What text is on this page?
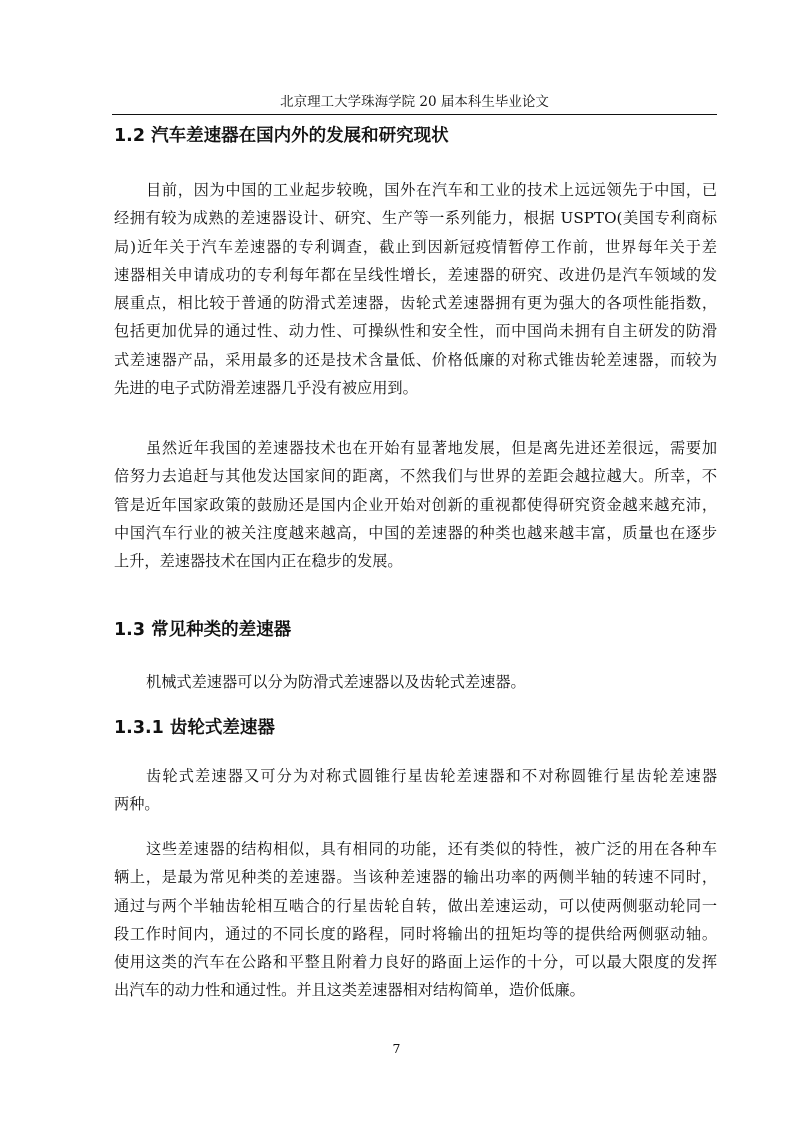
北京理工大学珠海学院 20 届本科生毕业论文
1.2 汽车差速器在国内外的发展和研究现状
目前，因为中国的工业起步较晚，国外在汽车和工业的技术上远远领先于中国，已
经拥有较为成熟的差速器设计、研究、生产等一系列能力，根据 USPTO(美国专利商标
局)近年关于汽车差速器的专利调查，截止到因新冠疫情暂停工作前，世界每年关于差
速器相关申请成功的专利每年都在呈线性增长，差速器的研究、改进仍是汽车领域的发
展重点，相比较于普通的防滑式差速器，齿轮式差速器拥有更为强大的各项性能指数，
包括更加优异的通过性、动力性、可操纵性和安全性，而中国尚未拥有自主研发的防滑
式差速器产品，采用最多的还是技术含量低、价格低廉的对称式锥齿轮差速器，而较为
先进的电子式防滑差速器几乎没有被应用到。
虽然近年我国的差速器技术也在开始有显著地发展，但是离先进还差很远，需要加
倍努力去追赶与其他发达国家间的距离，不然我们与世界的差距会越拉越大。所幸，不
管是近年国家政策的鼓励还是国内企业开始对创新的重视都使得研究资金越来越充沛，
中国汽车行业的被关注度越来越高，中国的差速器的种类也越来越丰富，质量也在逐步
上升，差速器技术在国内正在稳步的发展。
1.3 常见种类的差速器
机械式差速器可以分为防滑式差速器以及齿轮式差速器。
1.3.1 齿轮式差速器
齿轮式差速器又可分为对称式圆锥行星齿轮差速器和不对称圆锥行星齿轮差速器
两种。
这些差速器的结构相似，具有相同的功能，还有类似的特性，被广泛的用在各种车
辆上，是最为常见种类的差速器。当该种差速器的输出功率的两侧半轴的转速不同时，
通过与两个半轴齿轮相互啮合的行星齿轮自转，做出差速运动，可以使两侧驱动轮同一
段工作时间内，通过的不同长度的路程，同时将输出的扭矩均等的提供给两侧驱动轴。
使用这类的汽车在公路和平整且附着力良好的路面上运作的十分，可以最大限度的发挥
出汽车的动力性和通过性。并且这类差速器相对结构简单，造价低廉。
7
